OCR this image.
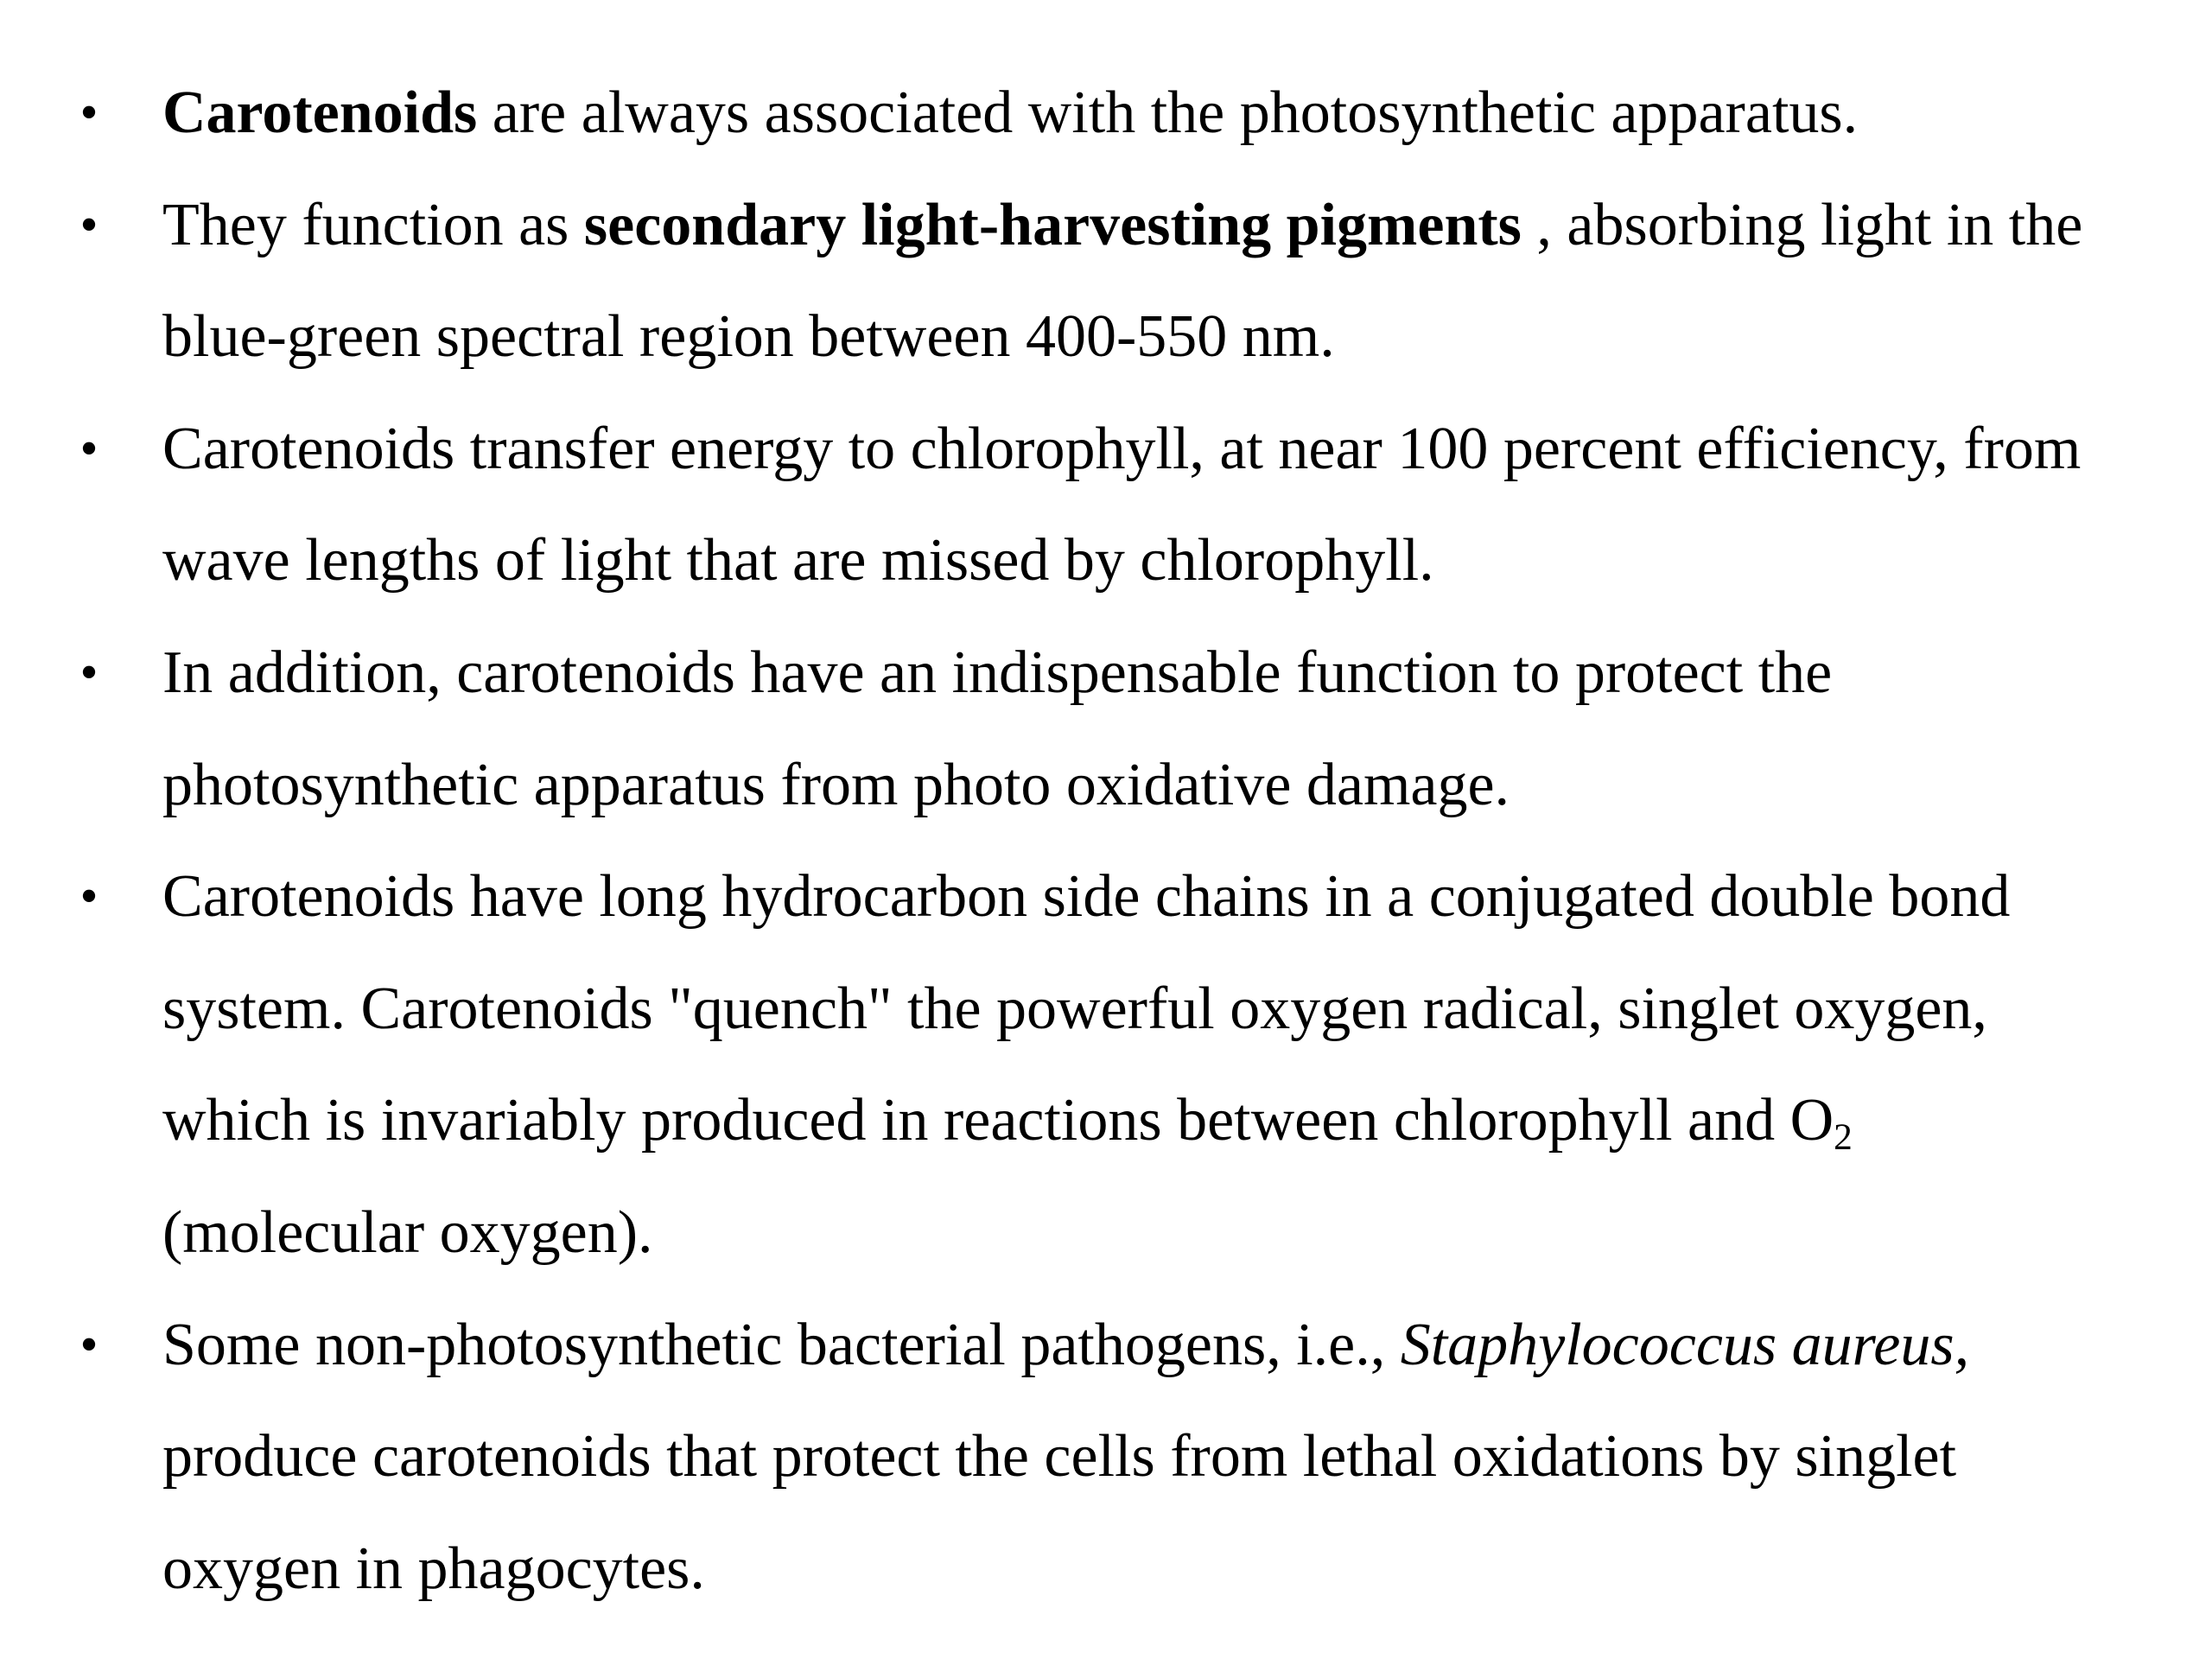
• Carotenoids are always associated with the photosynthetic apparatus.
• They function as secondary light-harvesting pigments , absorbing light in the
blue-green spectral region between 400-550 nm.
• Carotenoids transfer energy to chlorophyll, at near 100 percent efficiency, from
wave lengths of light that are missed by chlorophyll.
• In addition, carotenoids have an indispensable function to protect the
photosynthetic apparatus from photo oxidative damage.
• Carotenoids have long hydrocarbon side chains in a conjugated double bond
system. Carotenoids "quench" the powerful oxygen radical, singlet oxygen,
which is invariably produced in reactions between chlorophyll and $O_2$
(molecular oxygen).
• Some non-photosynthetic bacterial pathogens, i.e., Staphylococcus aureus,
produce carotenoids that protect the cells from lethal oxidations by singlet
oxygen in phagocytes.
